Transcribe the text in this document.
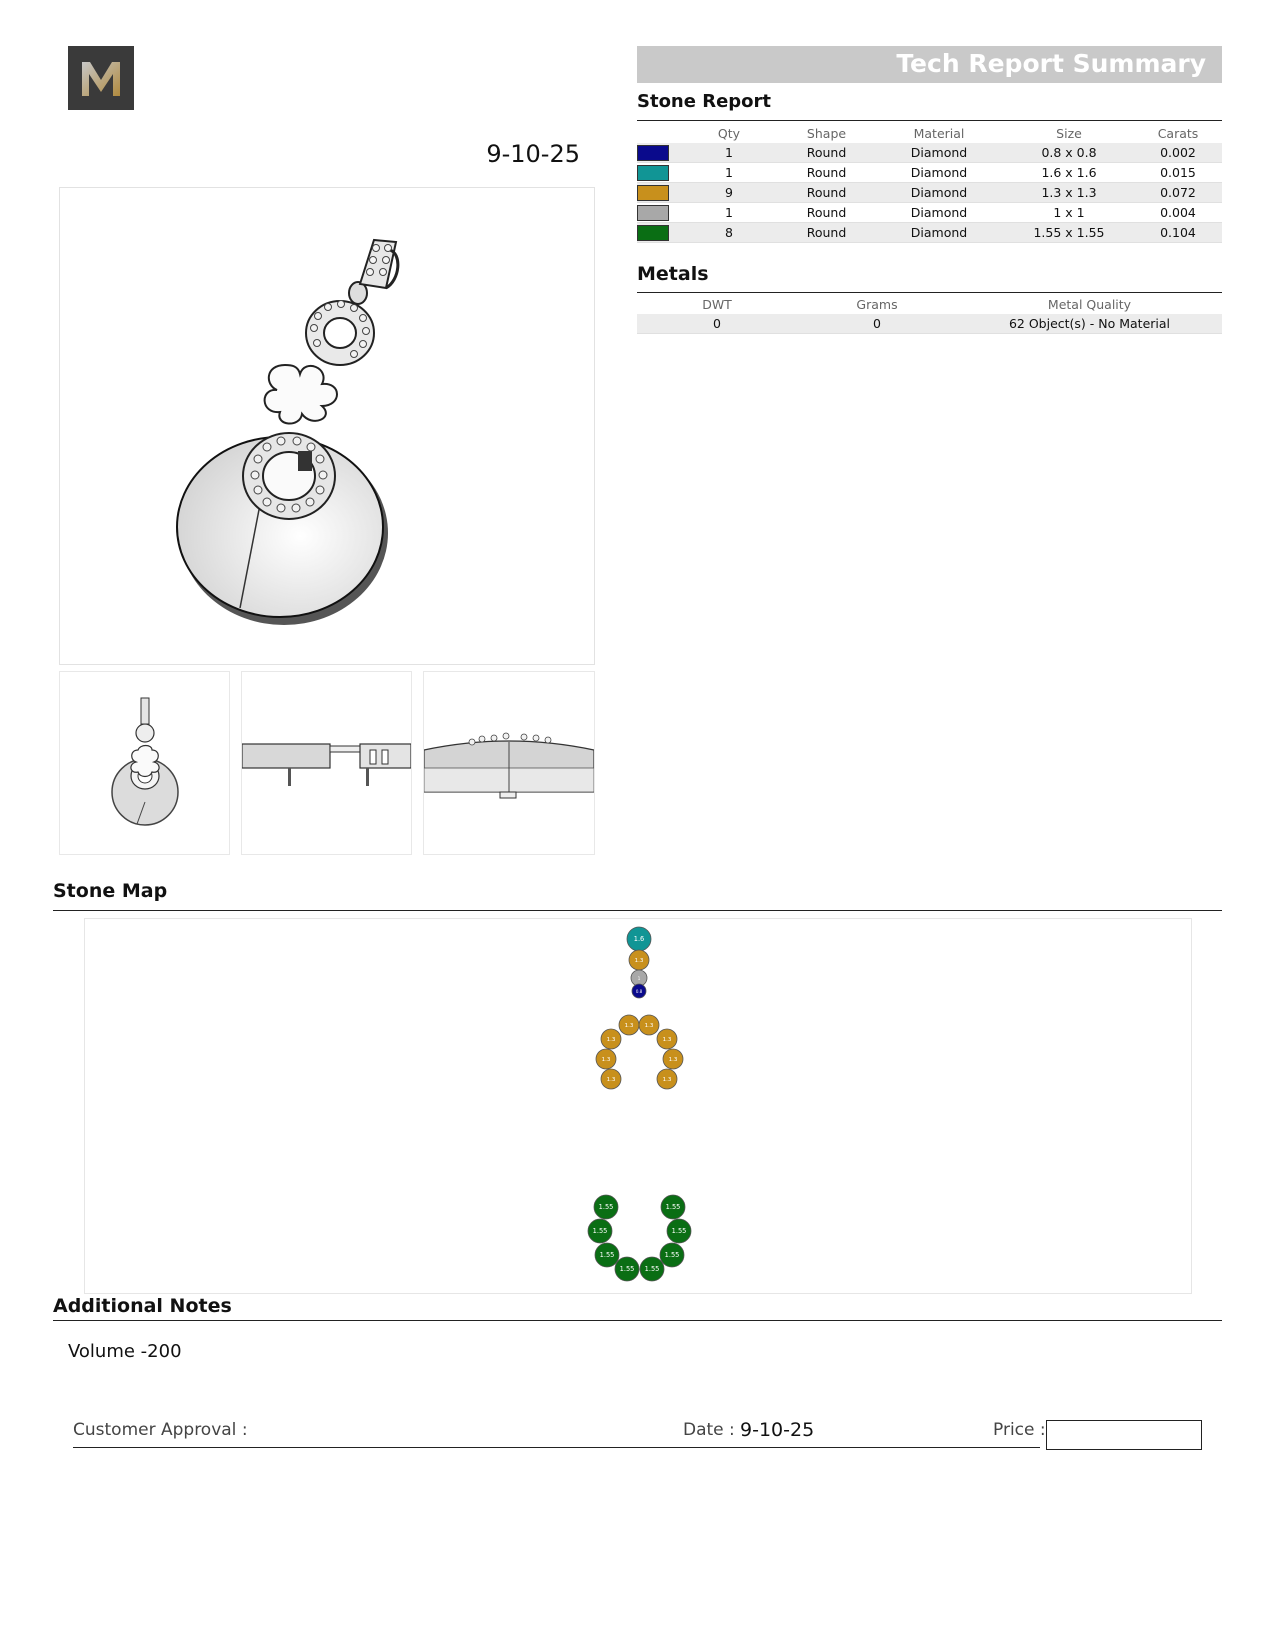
9-10-25
Tech Report Summary
Stone Report
	Qty	Shape	Material	Size	Carats
	1	Round	Diamond	0.8 x 0.8	0.002
	1	Round	Diamond	1.6 x 1.6	0.015
	9	Round	Diamond	1.3 x 1.3	0.072
	1	Round	Diamond	1 x 1	0.004
	8	Round	Diamond	1.55 x 1.55	0.104
Metals
DWT	Grams	Metal Quality
0	0	62 Object(s) - No Material
Stone Map
1.6
1.3
1
0.8
1.3 1.3
1.3	1.3
1.3	1.3
1.3	1.3
1.55	1.55
1.55	1.55
1.55	1.55
1.55 1.55
Additional Notes
Volume -200
Customer Approval :	Date : 9-10-25	Price :
